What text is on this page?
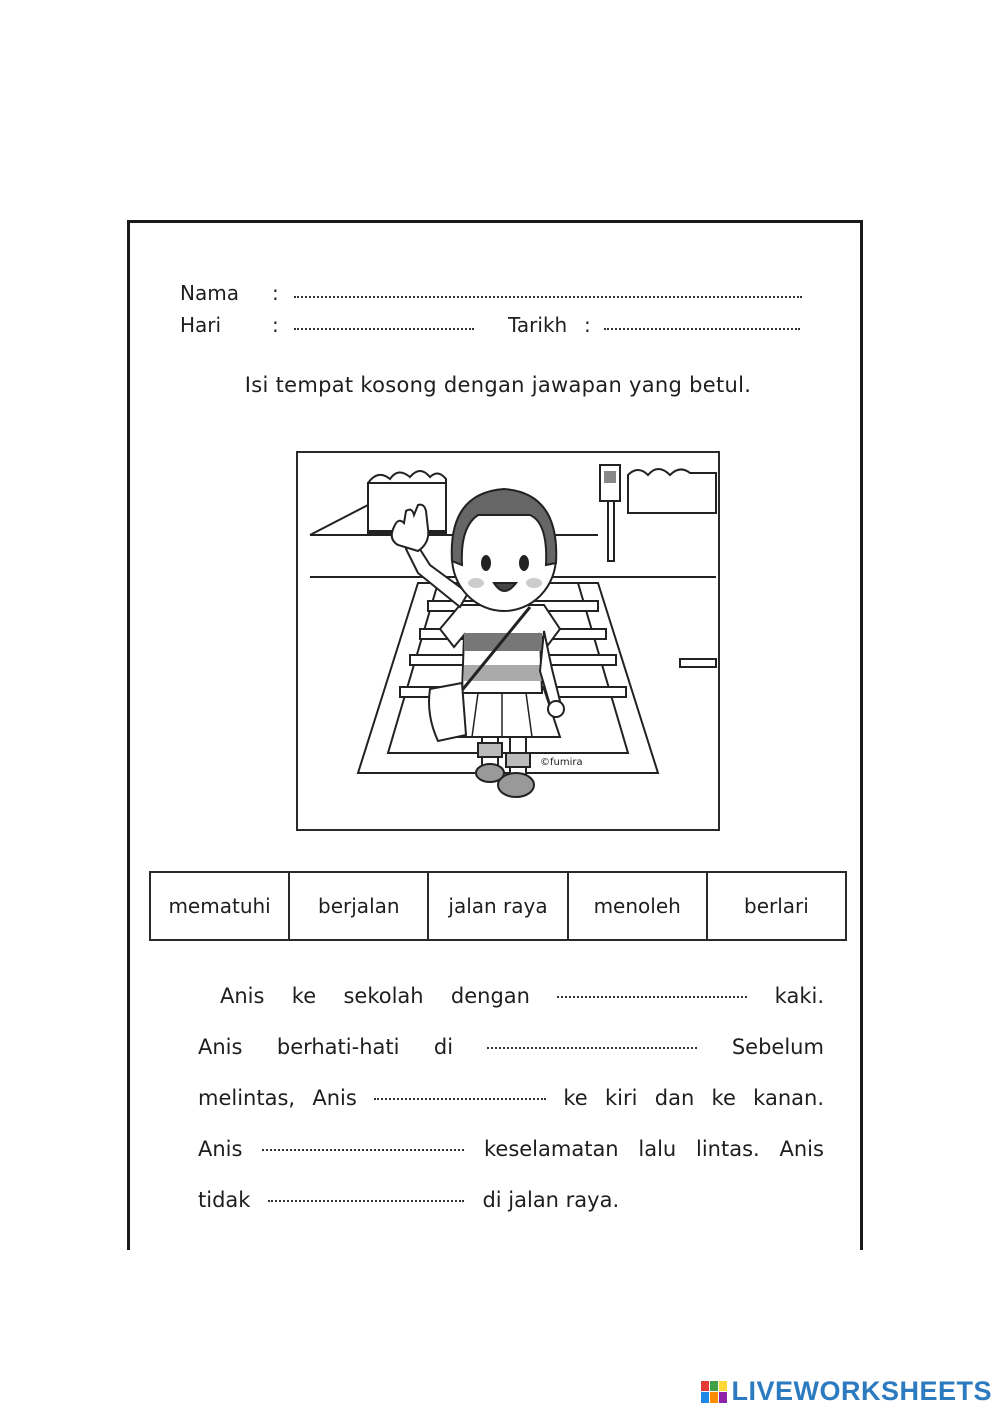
Nama	:
Hari	:	Tarikh :
Isi tempat kosong dengan jawapan yang betul.
©fumira
mematuhi	berjalan	jalan raya	menoleh	berlari
Anis ke sekolah dengan	kaki.
Anis berhati-hati di	Sebelum
melintas, Anis	ke kiri dan ke kanan.
Anis	keselamatan lalu lintas. Anis
tidak	di jalan raya.
LIVEWORKSHEETS
